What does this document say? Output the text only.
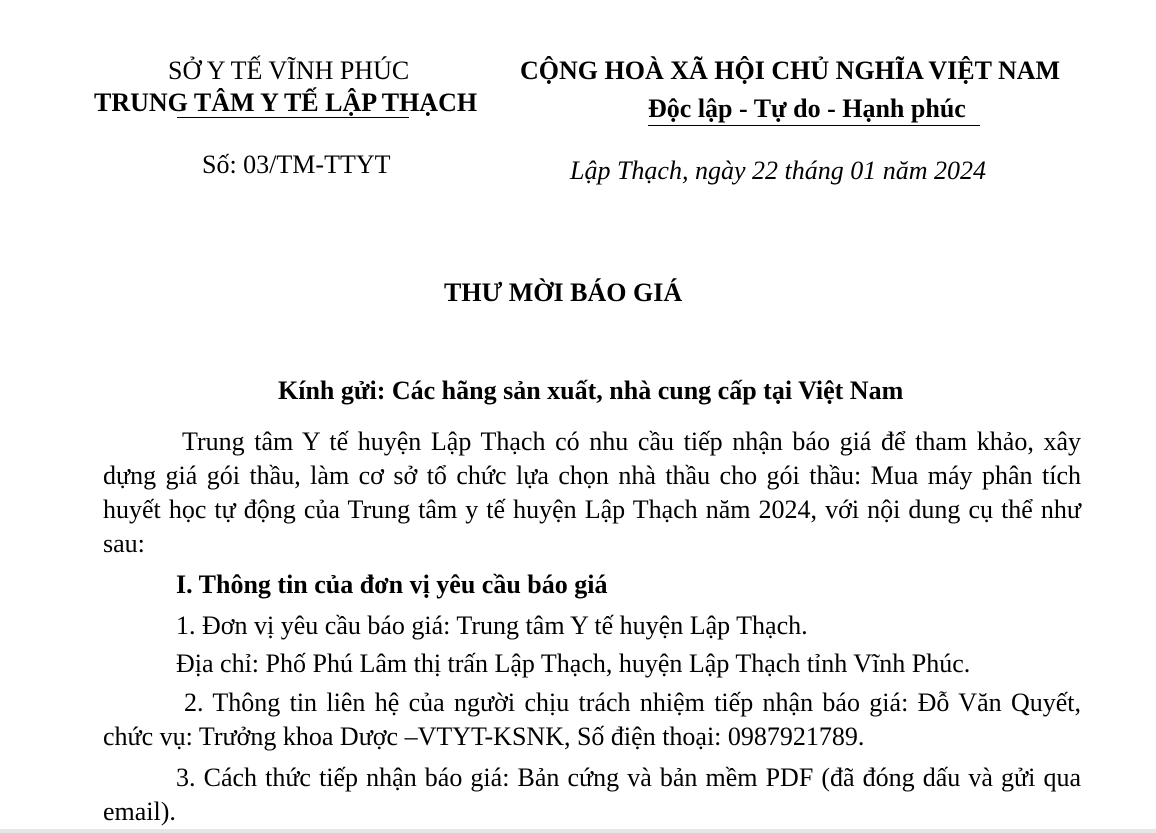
SỞ Y TẾ VĨNH PHÚC
TRUNG TÂM Y TẾ LẬP THẠCH
Số: 03/TM-TTYT
CỘNG HOÀ XÃ HỘI CHỦ NGHĨA VIỆT NAM
Độc lập - Tự do - Hạnh phúc
Lập Thạch, ngày 22 tháng 01 năm 2024
THƯ MỜI BÁO GIÁ
Kính gửi: Các hãng sản xuất, nhà cung cấp tại Việt Nam
Trung tâm Y tế huyện Lập Thạch có nhu cầu tiếp nhận báo giá để tham khảo, xây dựng giá gói thầu, làm cơ sở tổ chức lựa chọn nhà thầu cho gói thầu: Mua máy phân tích huyết học tự động của Trung tâm y tế huyện Lập Thạch năm 2024, với nội dung cụ thể như sau:
I. Thông tin của đơn vị yêu cầu báo giá
1. Đơn vị yêu cầu báo giá: Trung tâm Y tế huyện Lập Thạch.
Địa chỉ: Phố Phú Lâm thị trấn Lập Thạch, huyện Lập Thạch tỉnh Vĩnh Phúc.
2. Thông tin liên hệ của người chịu trách nhiệm tiếp nhận báo giá: Đỗ Văn Quyết, chức vụ: Trưởng khoa Dược –VTYT-KSNK, Số điện thoại: 0987921789.
3. Cách thức tiếp nhận báo giá: Bản cứng và bản mềm PDF (đã đóng dấu và gửi qua email).
